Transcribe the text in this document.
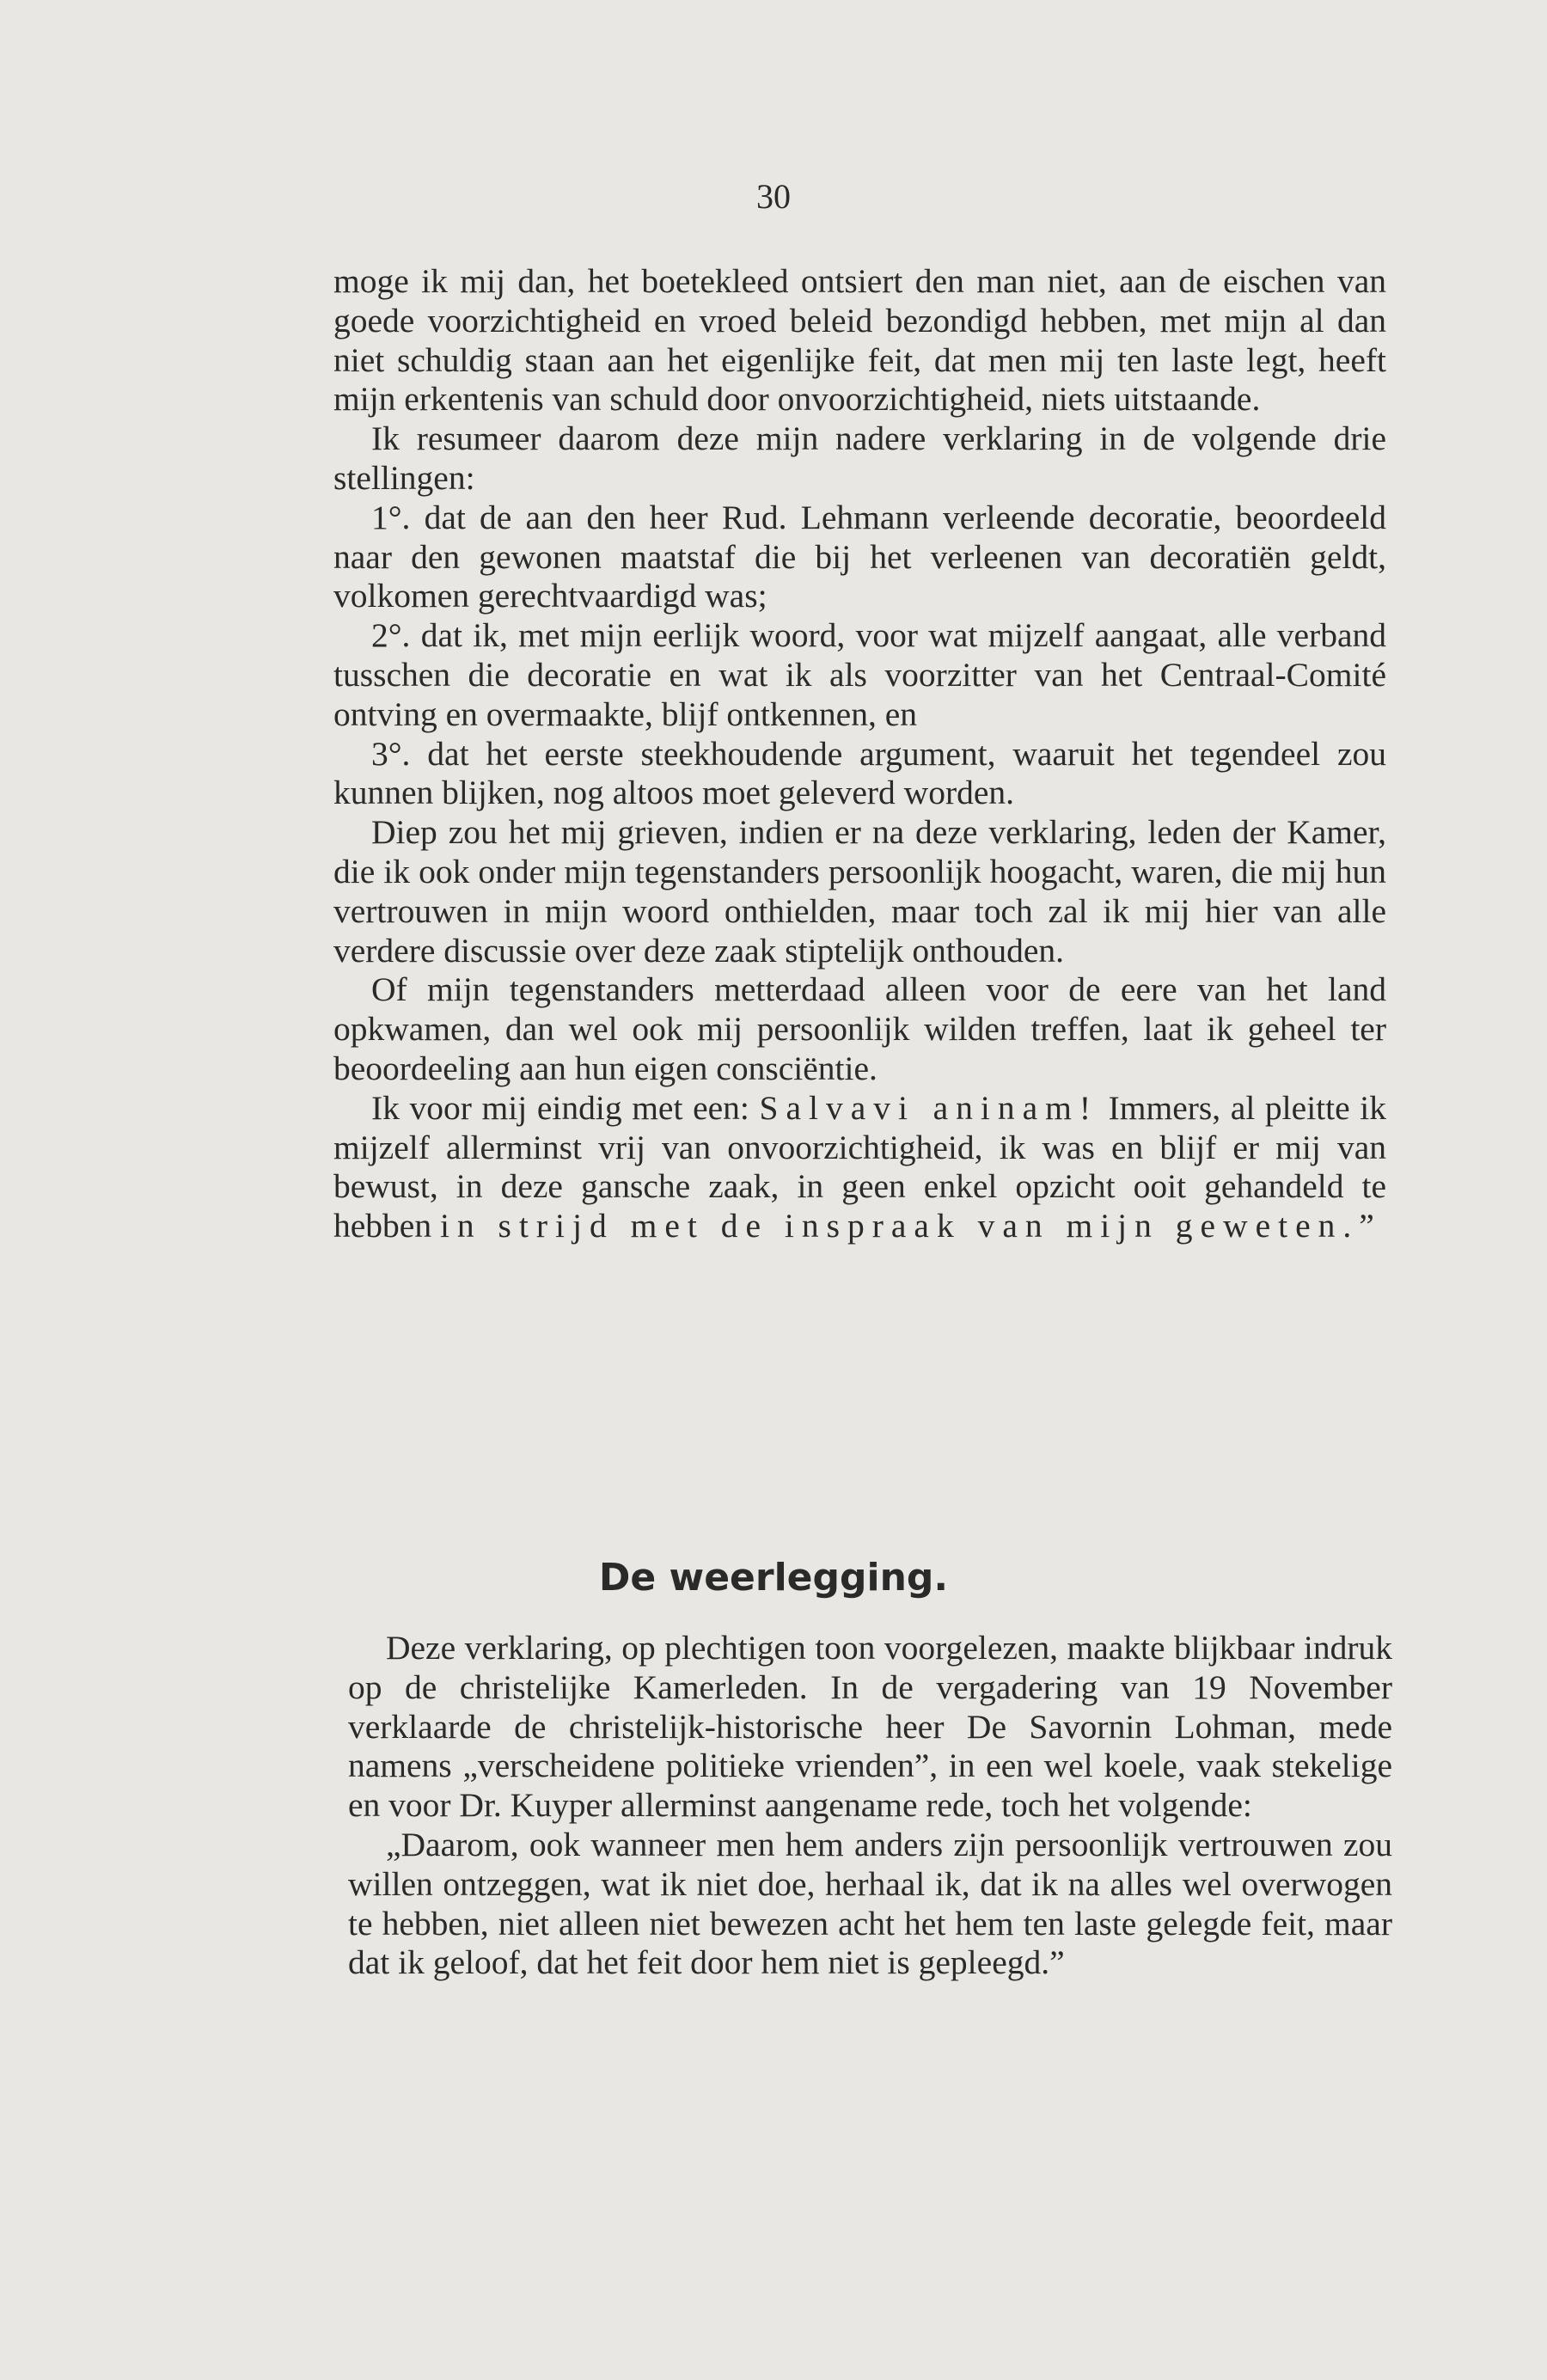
30

moge ik mij dan, het boetekleed ontsiert den man niet, aan de eischen van goede voorzichtigheid en vroed beleid bezondigd hebben, met mijn al dan niet schuldig staan aan het eigenlijke feit, dat men mij ten laste legt, heeft mijn erkentenis van schuld door onvoorzichtigheid, niets uitstaande.

Ik resumeer daarom deze mijn nadere verklaring in de volgende drie stellingen:

1°. dat de aan den heer Rud. Lehmann verleende decoratie, beoordeeld naar den gewonen maatstaf die bij het verleenen van decoratiën geldt, volkomen gerechtvaardigd was;

2°. dat ik, met mijn eerlijk woord, voor wat mijzelf aangaat, alle verband tusschen die decoratie en wat ik als voorzitter van het Centraal-Comité ontving en overmaakte, blijf ontkennen, en

3°. dat het eerste steekhoudende argument, waaruit het tegendeel zou kunnen blijken, nog altoos moet geleverd worden.

Diep zou het mij grieven, indien er na deze verklaring, leden der Kamer, die ik ook onder mijn tegenstanders persoonlijk hoogacht, waren, die mij hun vertrouwen in mijn woord onthielden, maar toch zal ik mij hier van alle verdere discussie over deze zaak stiptelijk onthouden.

Of mijn tegenstanders metterdaad alleen voor de eere van het land opkwamen, dan wel ook mij persoonlijk wilden treffen, laat ik geheel ter beoordeeling aan hun eigen consciëntie.

Ik voor mij eindig met een: Salvavi aninam! Immers, al pleitte ik mijzelf allerminst vrij van onvoorzichtigheid, ik was en blijf er mij van bewust, in deze gansche zaak, in geen enkel opzicht ooit gehandeld te hebben in strijd met de inspraak van mijn geweten.”

De weerlegging.

Deze verklaring, op plechtigen toon voorgelezen, maakte blijkbaar indruk op de christelijke Kamerleden. In de vergadering van 19 November verklaarde de christelijk-historische heer De Savornin Lohman, mede namens „verscheidene politieke vrienden”, in een wel koele, vaak stekelige en voor Dr. Kuyper allerminst aangename rede, toch het volgende:

„Daarom, ook wanneer men hem anders zijn persoonlijk vertrouwen zou willen ontzeggen, wat ik niet doe, herhaal ik, dat ik na alles wel overwogen te hebben, niet alleen niet bewezen acht het hem ten laste gelegde feit, maar dat ik geloof, dat het feit door hem niet is gepleegd.”
